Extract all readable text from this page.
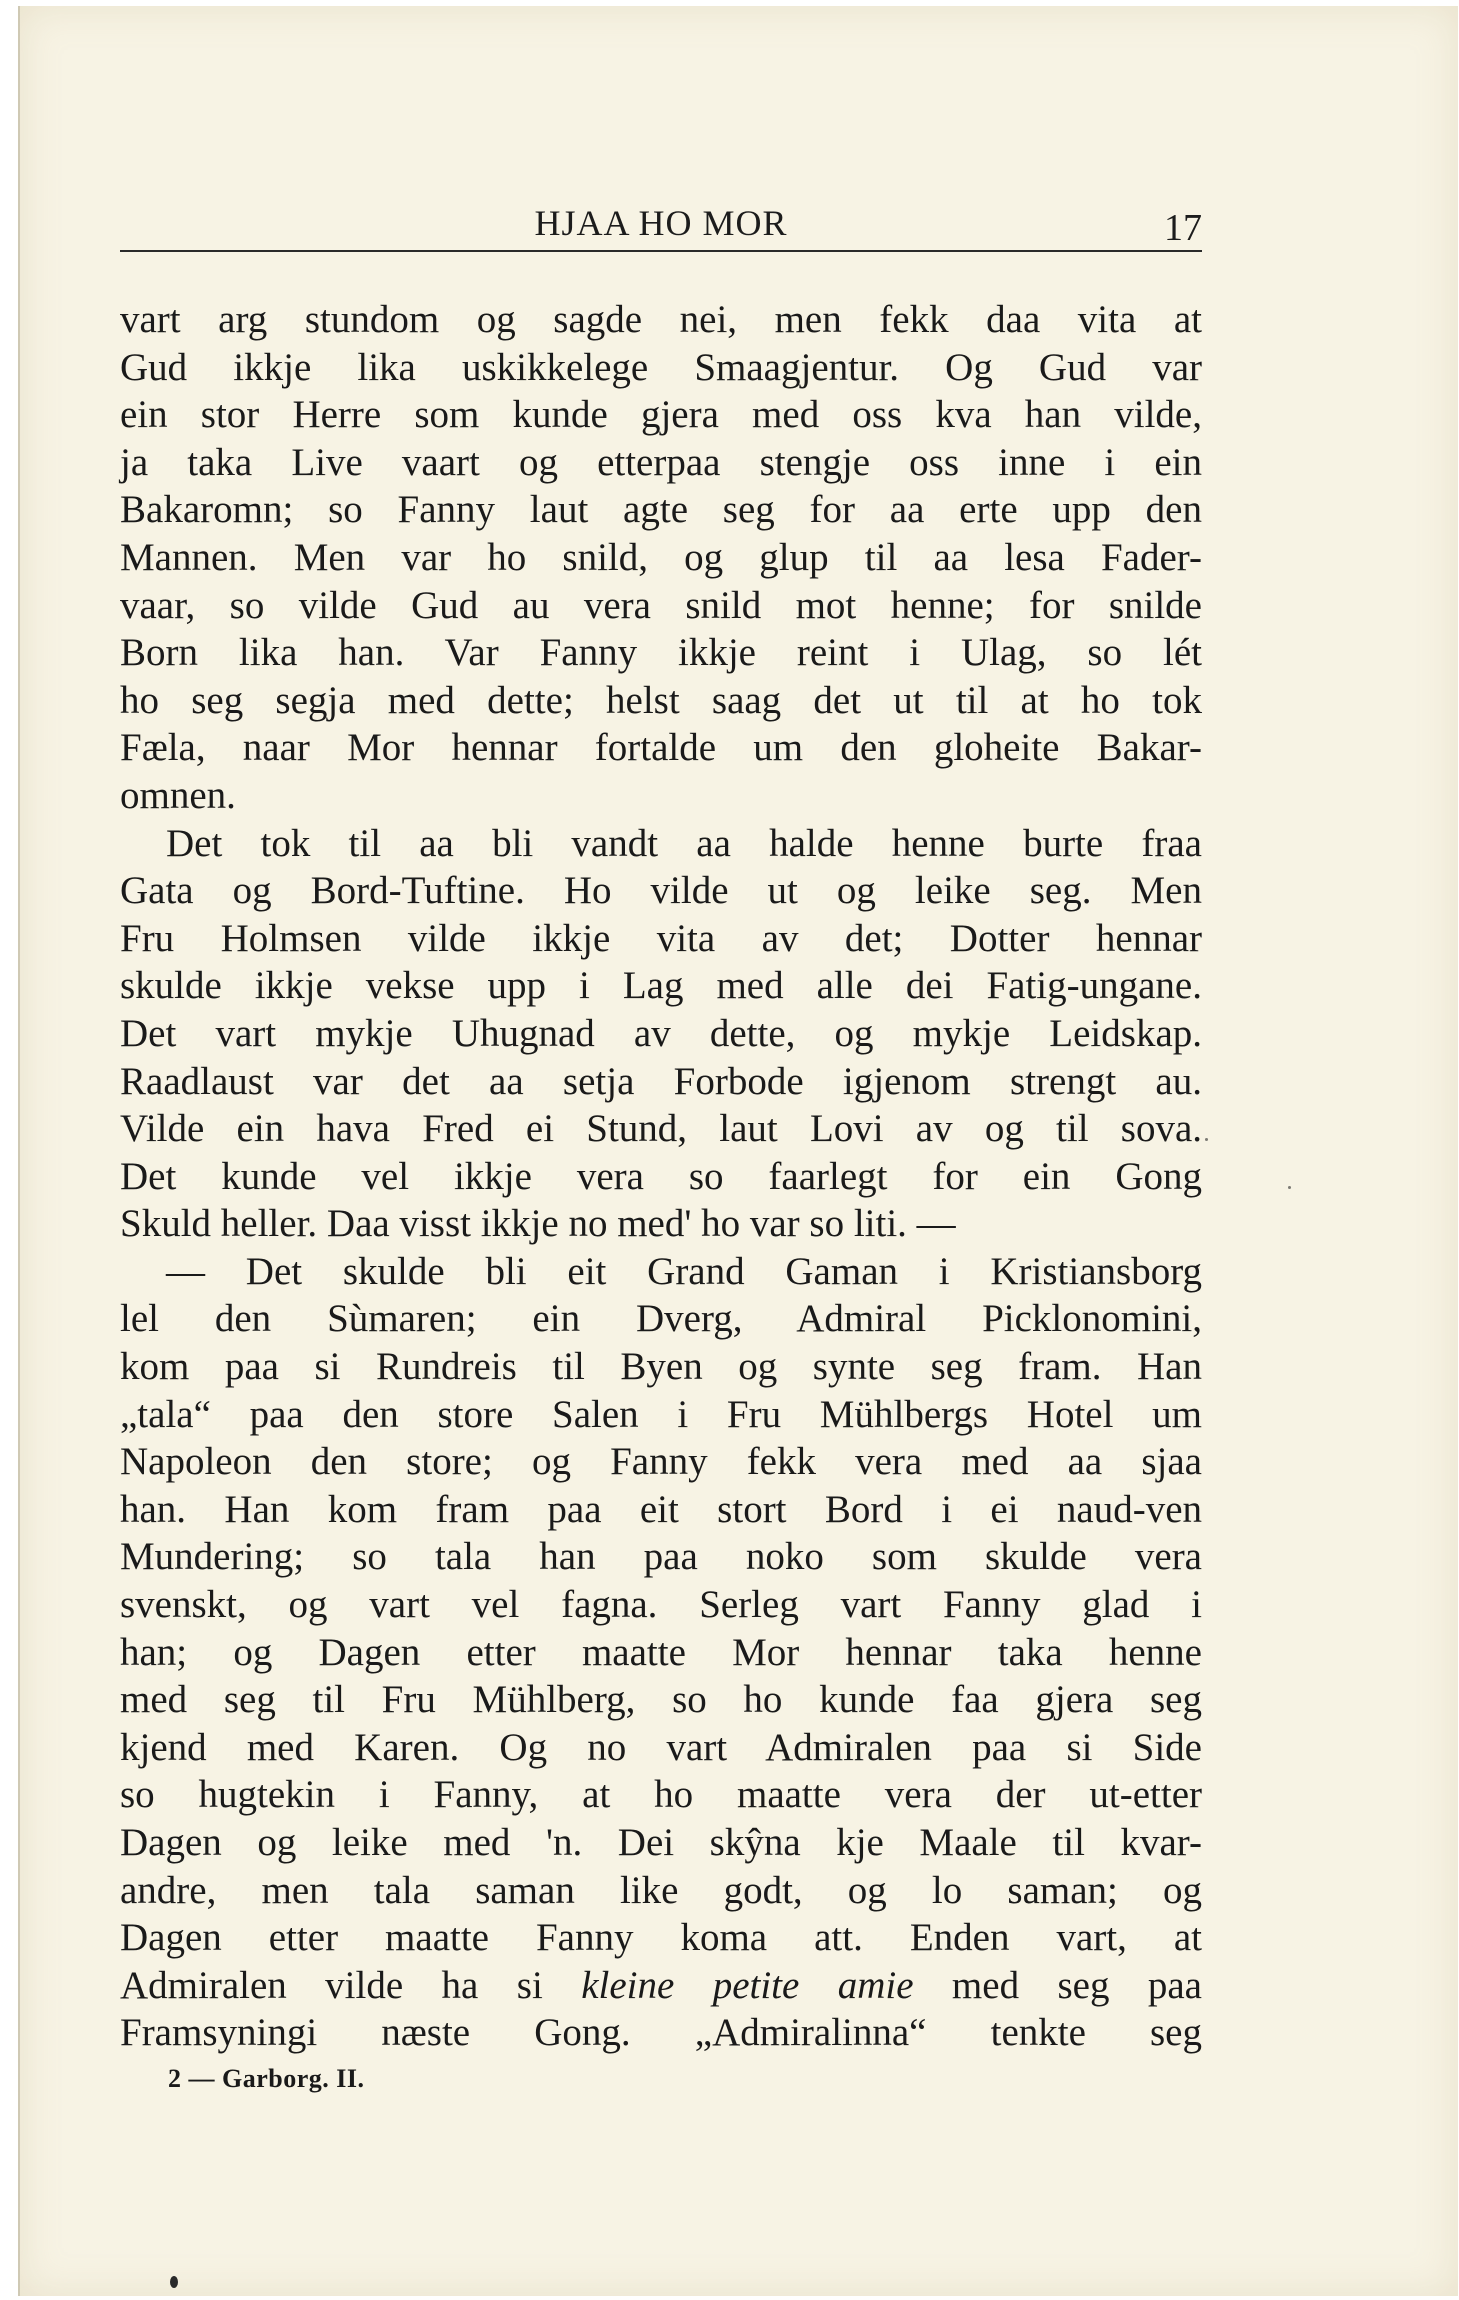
HJAA HO MOR	17
vart arg stundom og sagde nei, men fekk daa vita at
Gud ikkje lika uskikkelege Smaagjentur. Og Gud var
ein stor Herre som kunde gjera med oss kva han vilde,
ja taka Live vaart og etterpaa stengje oss inne i ein
Bakaromn; so Fanny laut agte seg for aa erte upp den
Mannen. Men var ho snild, og glup til aa lesa Fader-
vaar, so vilde Gud au vera snild mot henne; for snilde
Born lika han. Var Fanny ikkje reint i Ulag, so lét
ho seg segja med dette; helst saag det ut til at ho tok
Fæla, naar Mor hennar fortalde um den gloheite Bakar-
omnen.
Det tok til aa bli vandt aa halde henne burte fraa
Gata og Bord-Tuftine. Ho vilde ut og leike seg. Men
Fru Holmsen vilde ikkje vita av det; Dotter hennar
skulde ikkje vekse upp i Lag med alle dei Fatig-ungane.
Det vart mykje Uhugnad av dette, og mykje Leidskap.
Raadlaust var det aa setja Forbode igjenom strengt au.
Vilde ein hava Fred ei Stund, laut Lovi av og til sova.
Det kunde vel ikkje vera so faarlegt for ein Gong
Skuld heller. Daa visst ikkje no med' ho var so liti. —
— Det skulde bli eit Grand Gaman i Kristiansborg
lel den Sùmaren; ein Dverg, Admiral Picklonomini,
kom paa si Rundreis til Byen og synte seg fram. Han
„tala“ paa den store Salen i Fru Mühlbergs Hotel um
Napoleon den store; og Fanny fekk vera med aa sjaa
han. Han kom fram paa eit stort Bord i ei naud-ven
Mundering; so tala han paa noko som skulde vera
svenskt, og vart vel fagna. Serleg vart Fanny glad i
han; og Dagen etter maatte Mor hennar taka henne
med seg til Fru Mühlberg, so ho kunde faa gjera seg
kjend med Karen. Og no vart Admiralen paa si Side
so hugtekin i Fanny, at ho maatte vera der ut-etter
Dagen og leike med 'n. Dei skŷna kje Maale til kvar-
andre, men tala saman like godt, og lo saman; og
Dagen etter maatte Fanny koma att. Enden vart, at
Admiralen vilde ha si kleine petite amie med seg paa
Framsyningi næste Gong. „Admiralinna“ tenkte seg
2 — Garborg. II.
